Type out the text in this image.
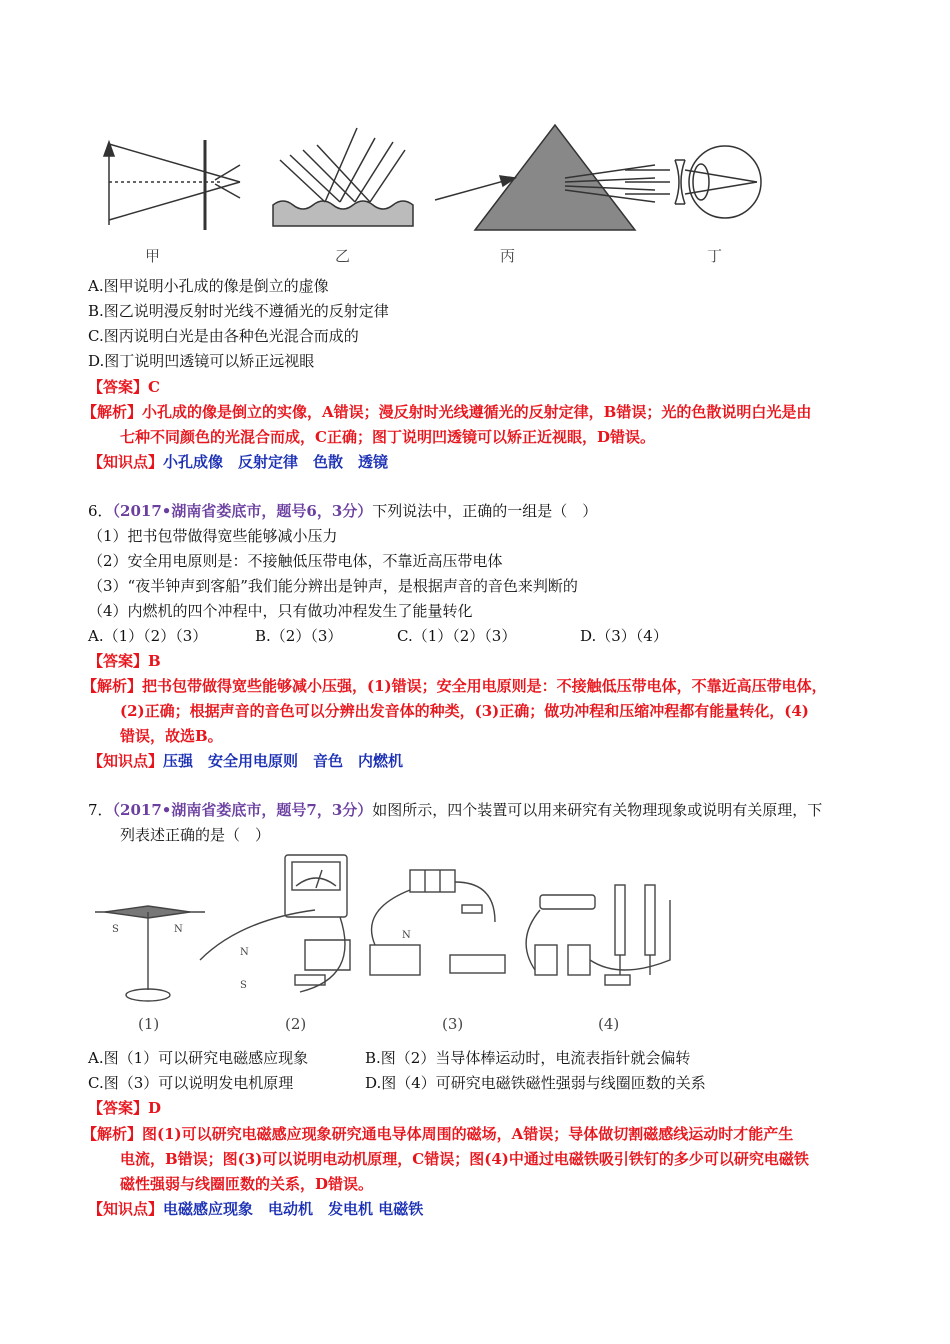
甲	乙	丙	丁
A.图甲说明小孔成的像是倒立的虚像
B.图乙说明漫反射时光线不遵循光的反射定律
C.图丙说明白光是由各种色光混合而成的
D.图丁说明凹透镜可以矫正远视眼
【答案】C
【解析】小孔成的像是倒立的实像，A错误；漫反射时光线遵循光的反射定律，B错误；光的色散说明白光是由
七种不同颜色的光混合而成，C正确；图丁说明凹透镜可以矫正近视眼，D错误。
【知识点】小孔成像　反射定律　色散　透镜
6．（2017•湖南省娄底市，题号6，3分）下列说法中，正确的一组是（　）
（1）把书包带做得宽些能够减小压力
（2）安全用电原则是：不接触低压带电体，不靠近高压带电体
（3）“夜半钟声到客船”我们能分辨出是钟声，是根据声音的音色来判断的
（4）内燃机的四个冲程中，只有做功冲程发生了能量转化
A.（1）（2）（3）	B.（2）（3）	C.（1）（2）（3）	D.（3）（4）
【答案】B
【解析】把书包带做得宽些能够减小压强，(1)错误；安全用电原则是：不接触低压带电体，不靠近高压带电体，
(2)正确；根据声音的音色可以分辨出发音体的种类，(3)正确；做功冲程和压缩冲程都有能量转化，(4)
错误，故选B。
【知识点】压强　安全用电原则　音色　内燃机
7．（2017•湖南省娄底市，题号7，3分）如图所示，四个装置可以用来研究有关物理现象或说明有关原理，下
列表述正确的是（　）
S	N
N
S
N
(1)	(2)	(3)	(4)
A.图（1）可以研究电磁感应现象	B.图（2）当导体棒运动时，电流表指针就会偏转
C.图（3）可以说明发电机原理	D.图（4）可研究电磁铁磁性强弱与线圈匝数的关系
【答案】D
【解析】图(1)可以研究电磁感应现象研究通电导体周围的磁场，A错误；导体做切割磁感线运动时才能产生
电流，B错误；图(3)可以说明电动机原理，C错误；图(4)中通过电磁铁吸引铁钉的多少可以研究电磁铁
磁性强弱与线圈匝数的关系，D错误。
【知识点】电磁感应现象　电动机　发电机 电磁铁
